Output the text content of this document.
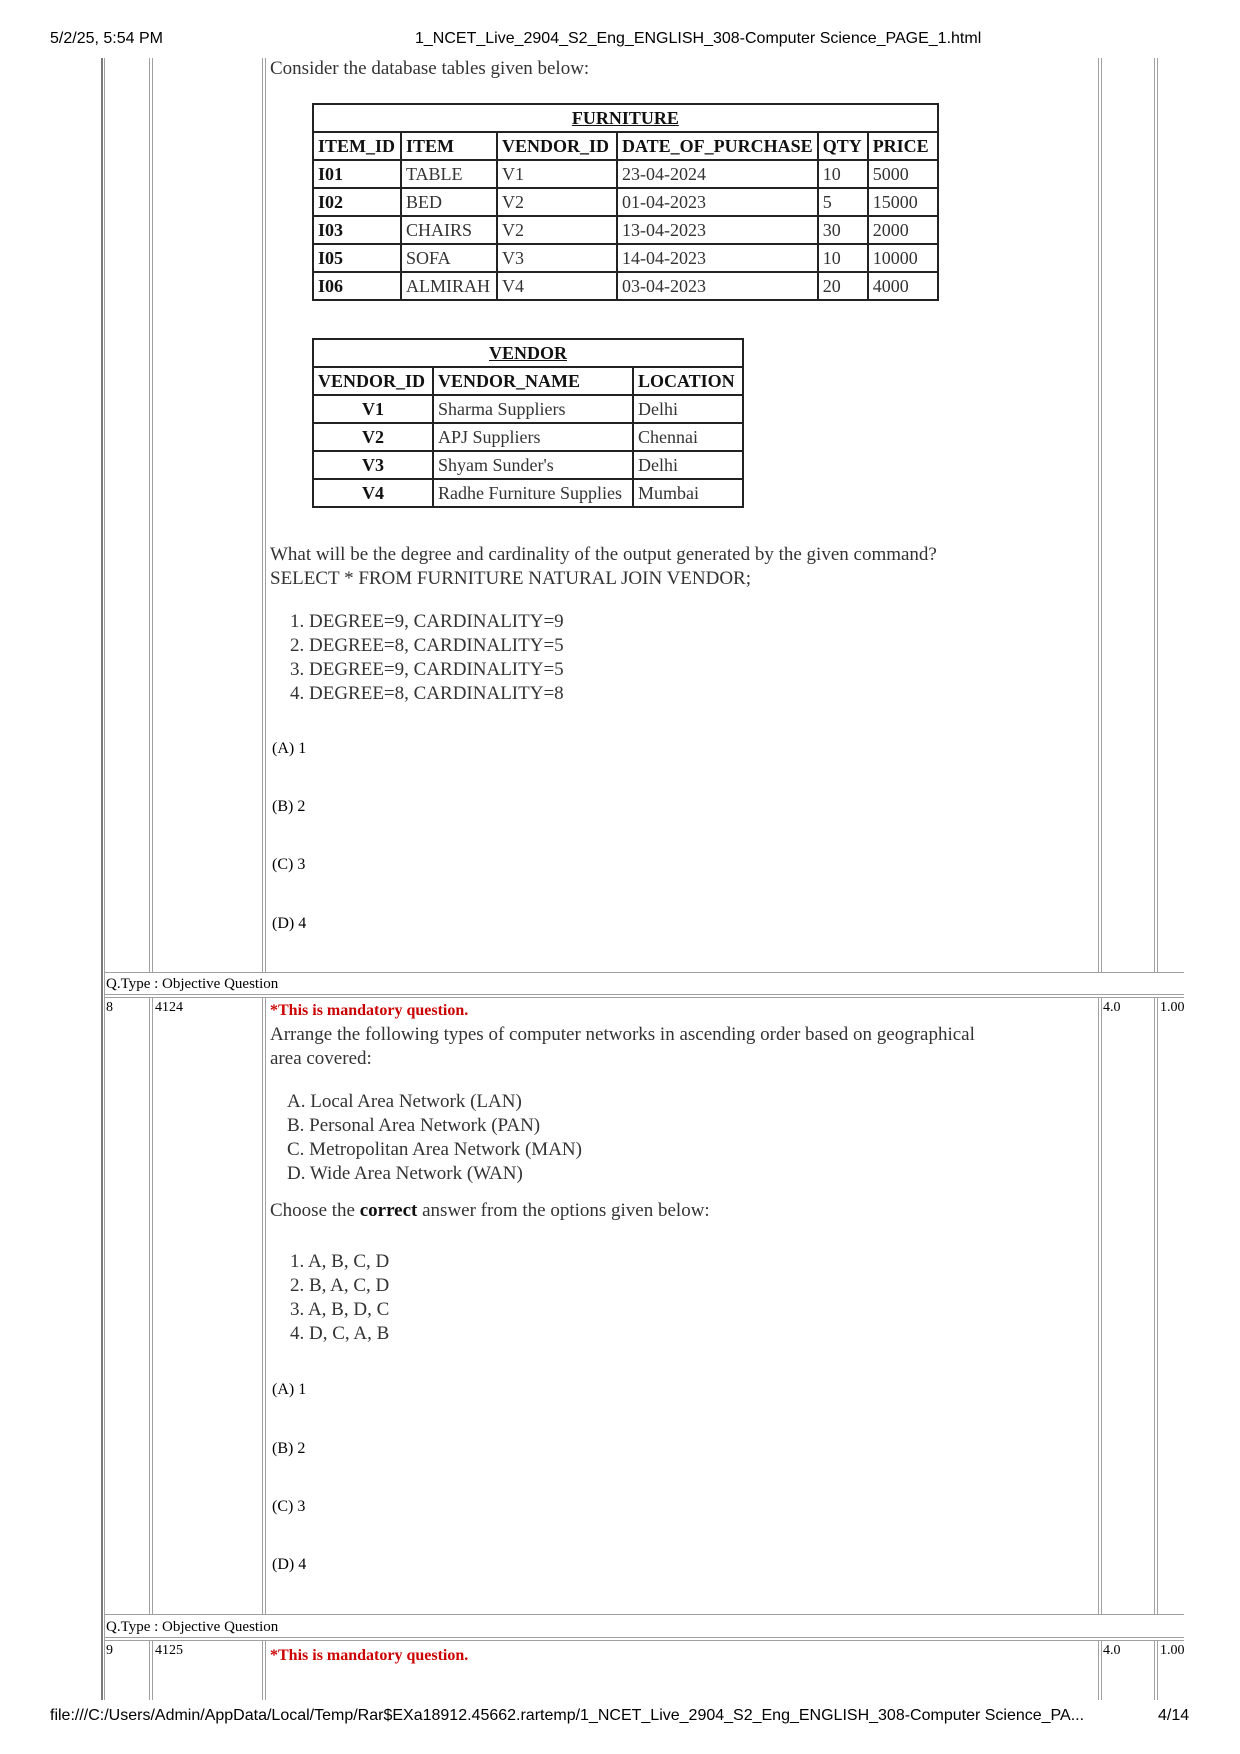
5/2/25, 5:54 PM	1_NCET_Live_2904_S2_Eng_ENGLISH_308-Computer Science_PAGE_1.html
Consider the database tables given below:
FURNITURE					
ITEM_ID	ITEM	VENDOR_ID	DATE_OF_PURCHASE	QTY	PRICE
I01	TABLE	V1	23-04-2024	10	5000
I02	BED	V2	01-04-2023	5	15000
I03	CHAIRS	V2	13-04-2023	30	2000
I05	SOFA	V3	14-04-2023	10	10000
I06	ALMIRAH	V4	03-04-2023	20	4000
VENDOR		
VENDOR_ID	VENDOR_NAME	LOCATION
V1	Sharma Suppliers	Delhi
V2	APJ Suppliers	Chennai
V3	Shyam Sunder's	Delhi
V4	Radhe Furniture Supplies	Mumbai
What will be the degree and cardinality of the output generated by the given command?
SELECT * FROM FURNITURE NATURAL JOIN VENDOR;
1. DEGREE=9, CARDINALITY=9
2. DEGREE=8, CARDINALITY=5
3. DEGREE=9, CARDINALITY=5
4. DEGREE=8, CARDINALITY=8
(A) 1
(B) 2
(C) 3
(D) 4
Q.Type : Objective Question
8	4124	4.0	1.00
*This is mandatory question.
Arrange the following types of computer networks in ascending order based on geographical
area covered:
A. Local Area Network (LAN)
B. Personal Area Network (PAN)
C. Metropolitan Area Network (MAN)
D. Wide Area Network (WAN)
Choose the correct answer from the options given below:
1. A, B, C, D
2. B, A, C, D
3. A, B, D, C
4. D, C, A, B
(A) 1
(B) 2
(C) 3
(D) 4
Q.Type : Objective Question
9	4125	4.0	1.00
*This is mandatory question.
file:///C:/Users/Admin/AppData/Local/Temp/Rar$EXa18912.45662.rartemp/1_NCET_Live_2904_S2_Eng_ENGLISH_308-Computer Science_PA...	4/14
